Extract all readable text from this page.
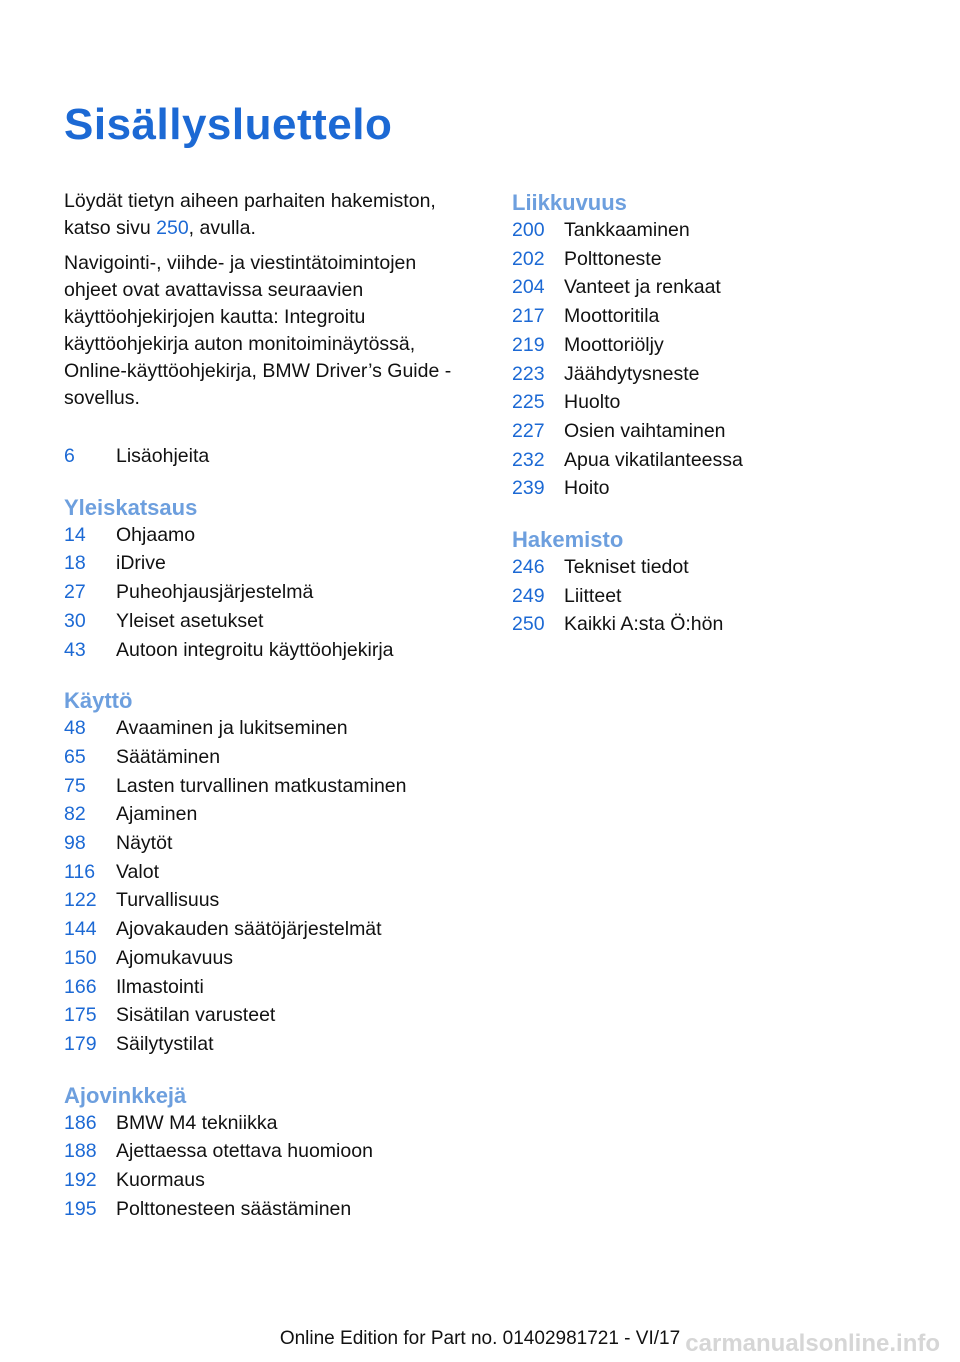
Sisällysluettelo

Löydät tietyn aiheen parhaiten hakemiston, katso sivu 250, avulla.

Navigointi-, viihde- ja viestintätoimintojen ohjeet ovat avattavissa seuraavien käyttöohjekirjojen kautta: Integroitu käyttöohjekirja auton monitoiminäytössä, Online-käyttöohjekirja, BMW Driver’s Guide -sovellus.

6	Lisäohjeita
Yleiskatsaus
14	Ohjaamo
18	iDrive
27	Puheohjausjärjestelmä
30	Yleiset asetukset
43	Autoon integroitu käyttöohjekirja
Käyttö
48	Avaaminen ja lukitseminen
65	Säätäminen
75	Lasten turvallinen matkustaminen
82	Ajaminen
98	Näytöt
116	Valot
122 Turvallisuus
144 Ajovakauden säätöjärjestelmät
150 Ajomukavuus
166 Ilmastointi
175 Sisätilan varusteet
179 Säilytystilat
Ajovinkkejä
186 BMW M4 tekniikka
188 Ajettaessa otettava huomioon
192 Kuormaus
195 Polttonesteen säästäminen
Liikkuvuus
200 Tankkaaminen
202 Polttoneste
204 Vanteet ja renkaat
217 Moottoritila
219 Moottoriöljy
223 Jäähdytysneste
225 Huolto
227 Osien vaihtaminen
232 Apua vikatilanteessa
239 Hoito
Hakemisto
246 Tekniset tiedot
249 Liitteet
250 Kaikki A:sta Ö:hön
Online Edition for Part no. 01402981721 - VI/17 carmanualsonline.info
